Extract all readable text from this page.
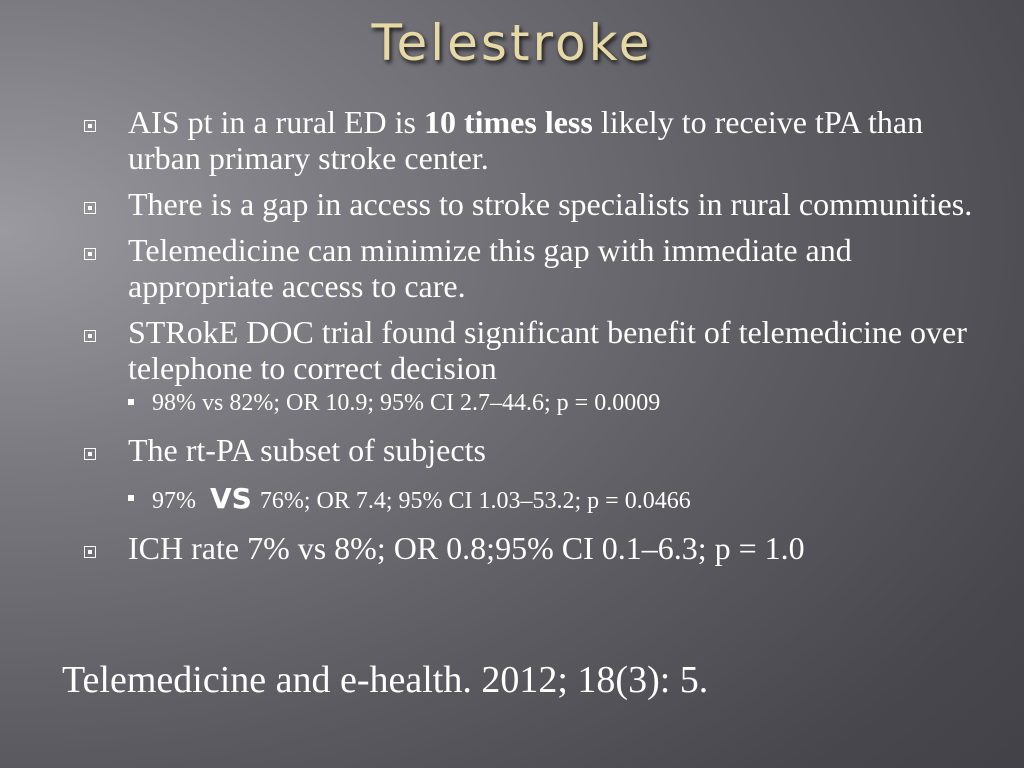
Telestroke
AIS pt in a rural ED is 10 times less likely to receive tPA than urban primary stroke center.
There is a gap in access to stroke specialists in rural communities.
Telemedicine can minimize this gap with immediate and appropriate access to care.
STRokE DOC trial found significant benefit of telemedicine over telephone to correct decision
98% vs 82%; OR 10.9; 95% CI 2.7–44.6; p = 0.0009
The rt-PA subset of subjects
97% VS 76%; OR 7.4; 95% CI 1.03–53.2; p = 0.0466
ICH rate 7% vs 8%; OR 0.8;95% CI 0.1–6.3; p = 1.0
Telemedicine and e-health. 2012; 18(3): 5.
